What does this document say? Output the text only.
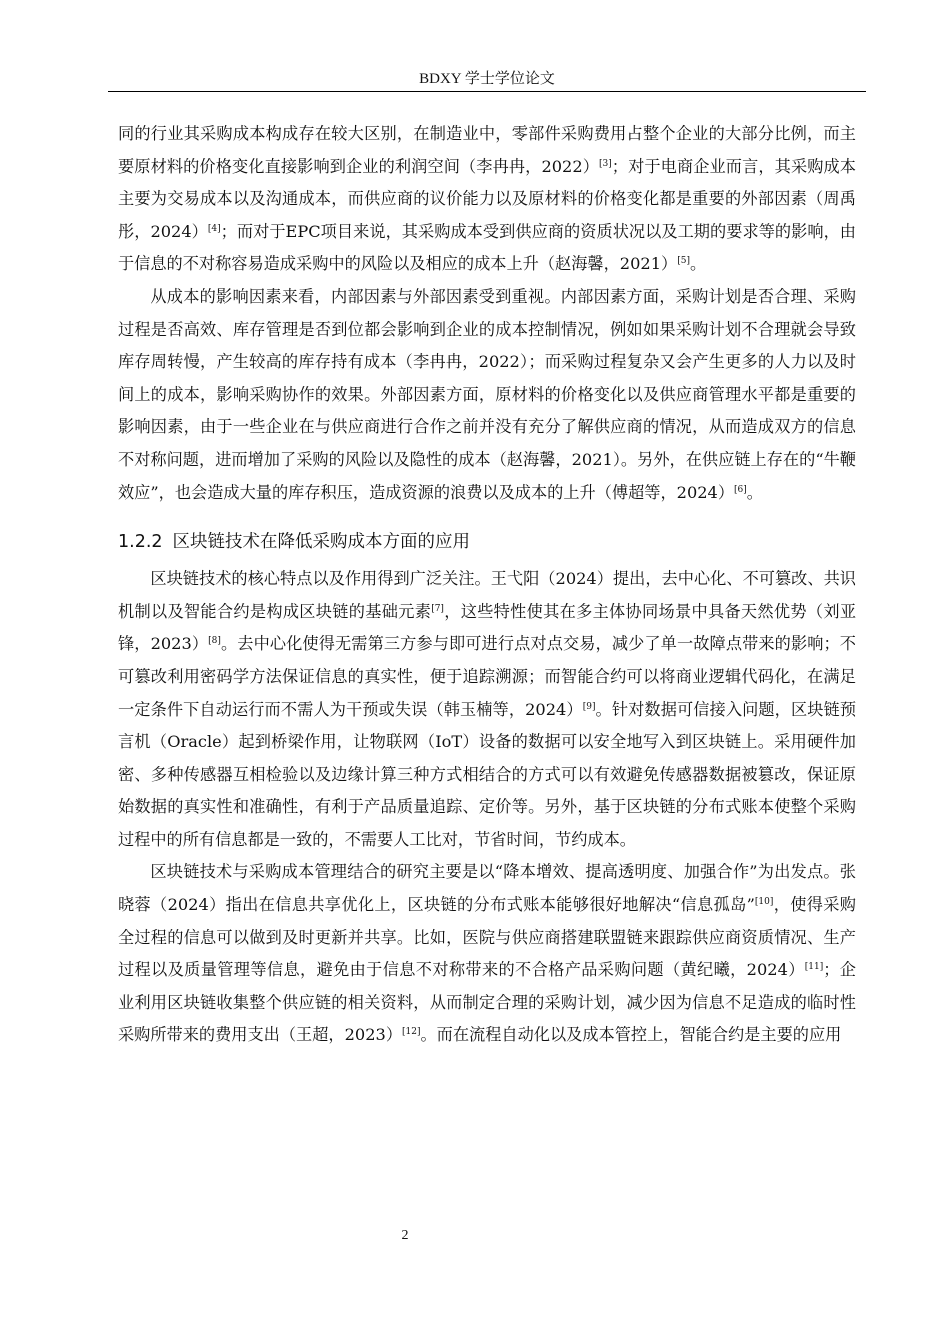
BDXY 学士学位论文

同的行业其采购成本构成存在较大区别，在制造业中，零部件采购费用占整个企业的大部分比例，而主要原材料的价格变化直接影响到企业的利润空间（李冉冉，2022）[3]；对于电商企业而言，其采购成本主要为交易成本以及沟通成本，而供应商的议价能力以及原材料的价格变化都是重要的外部因素（周禹彤，2024）[4]；而对于EPC项目来说，其采购成本受到供应商的资质状况以及工期的要求等的影响，由于信息的不对称容易造成采购中的风险以及相应的成本上升（赵海馨，2021）[5]。

从成本的影响因素来看，内部因素与外部因素受到重视。内部因素方面，采购计划是否合理、采购过程是否高效、库存管理是否到位都会影响到企业的成本控制情况，例如如果采购计划不合理就会导致库存周转慢，产生较高的库存持有成本（李冉冉，2022）；而采购过程复杂又会产生更多的人力以及时间上的成本，影响采购协作的效果。外部因素方面，原材料的价格变化以及供应商管理水平都是重要的影响因素，由于一些企业在与供应商进行合作之前并没有充分了解供应商的情况，从而造成双方的信息不对称问题，进而增加了采购的风险以及隐性的成本（赵海馨，2021）。另外，在供应链上存在的“牛鞭效应”，也会造成大量的库存积压，造成资源的浪费以及成本的上升（傅超等，2024）[6]。

1.2.2 区块链技术在降低采购成本方面的应用

区块链技术的核心特点以及作用得到广泛关注。王弋阳（2024）提出，去中心化、不可篡改、共识机制以及智能合约是构成区块链的基础元素[7]，这些特性使其在多主体协同场景中具备天然优势（刘亚锋，2023）[8]。去中心化使得无需第三方参与即可进行点对点交易，减少了单一故障点带来的影响；不可篡改利用密码学方法保证信息的真实性，便于追踪溯源；而智能合约可以将商业逻辑代码化，在满足一定条件下自动运行而不需人为干预或失误（韩玉楠等，2024）[9]。针对数据可信接入问题，区块链预言机（Oracle）起到桥梁作用，让物联网（IoT）设备的数据可以安全地写入到区块链上。采用硬件加密、多种传感器互相检验以及边缘计算三种方式相结合的方式可以有效避免传感器数据被篡改，保证原始数据的真实性和准确性，有利于产品质量追踪、定价等。另外，基于区块链的分布式账本使整个采购过程中的所有信息都是一致的，不需要人工比对，节省时间，节约成本。

区块链技术与采购成本管理结合的研究主要是以“降本增效、提高透明度、加强合作”为出发点。张晓蓉（2024）指出在信息共享优化上，区块链的分布式账本能够很好地解决“信息孤岛”[10]，使得采购全过程的信息可以做到及时更新并共享。比如，医院与供应商搭建联盟链来跟踪供应商资质情况、生产过程以及质量管理等信息，避免由于信息不对称带来的不合格产品采购问题（黄纪曦，2024）[11]；企业利用区块链收集整个供应链的相关资料，从而制定合理的采购计划，减少因为信息不足造成的临时性采购所带来的费用支出（王超，2023）[12]。而在流程自动化以及成本管控上，智能合约是主要的应用

2
